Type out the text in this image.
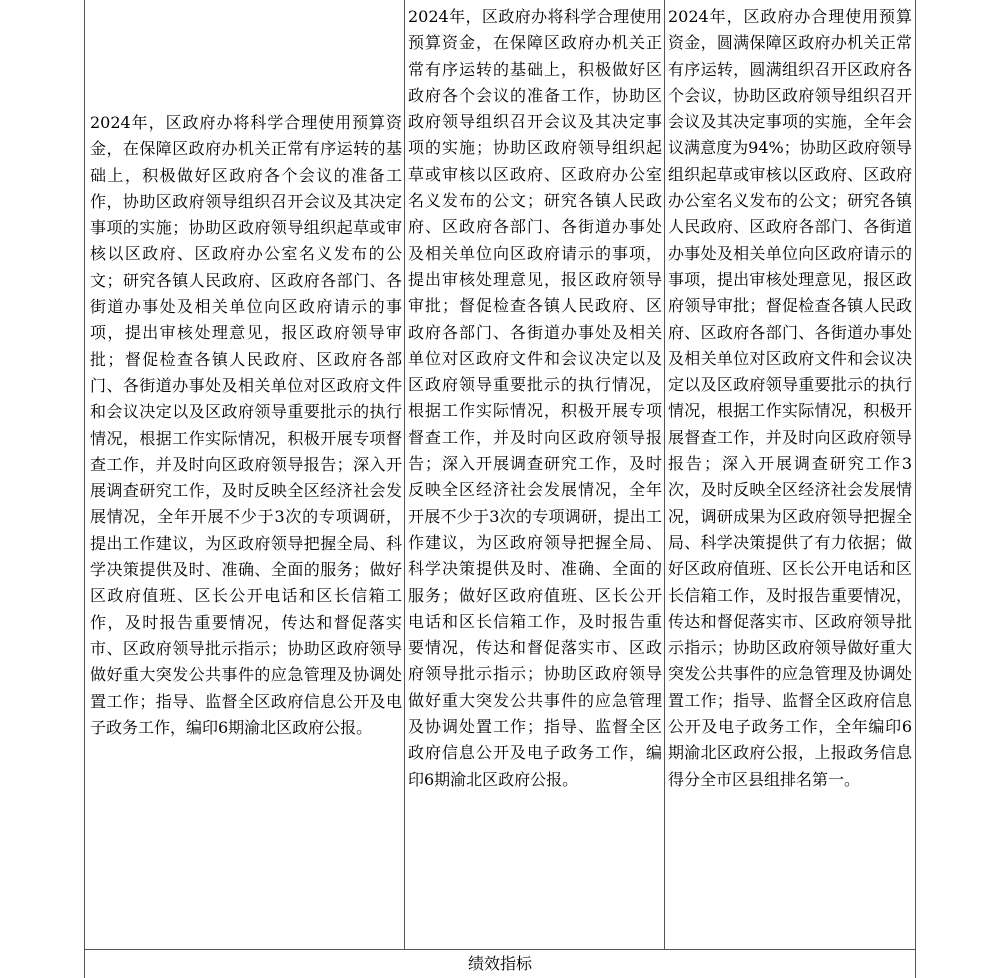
2024年，区政府办将科学合理使用预算资金，在保障区政府办机关正常有序运转的基础上，积极做好区政府各个会议的准备工作，协助区政府领导组织召开会议及其决定事项的实施；协助区政府领导组织起草或审核以区政府、区政府办公室名义发布的公文；研究各镇人民政府、区政府各部门、各街道办事处及相关单位向区政府请示的事项，提出审核处理意见，报区政府领导审批；督促检查各镇人民政府、区政府各部门、各街道办事处及相关单位对区政府文件和会议决定以及区政府领导重要批示的执行情况，根据工作实际情况，积极开展专项督查工作，并及时向区政府领导报告；深入开展调查研究工作，及时反映全区经济社会发展情况，全年开展不少于3次的专项调研，提出工作建议，为区政府领导把握全局、科学决策提供及时、准确、全面的服务；做好区政府值班、区长公开电话和区长信箱工作，及时报告重要情况，传达和督促落实市、区政府领导批示指示；协助区政府领导做好重大突发公共事件的应急管理及协调处置工作；指导、监督全区政府信息公开及电子政务工作，编印6期渝北区政府公报。
2024年，区政府办将科学合理使用预算资金，在保障区政府办机关正常有序运转的基础上，积极做好区政府各个会议的准备工作，协助区政府领导组织召开会议及其决定事项的实施；协助区政府领导组织起草或审核以区政府、区政府办公室名义发布的公文；研究各镇人民政府、区政府各部门、各街道办事处及相关单位向区政府请示的事项，提出审核处理意见，报区政府领导审批；督促检查各镇人民政府、区政府各部门、各街道办事处及相关单位对区政府文件和会议决定以及区政府领导重要批示的执行情况，根据工作实际情况，积极开展专项督查工作，并及时向区政府领导报告；深入开展调查研究工作，及时反映全区经济社会发展情况，全年开展不少于3次的专项调研，提出工作建议，为区政府领导把握全局、科学决策提供及时、准确、全面的服务；做好区政府值班、区长公开电话和区长信箱工作，及时报告重要情况，传达和督促落实市、区政府领导批示指示；协助区政府领导做好重大突发公共事件的应急管理及协调处置工作；指导、监督全区政府信息公开及电子政务工作，编印6期渝北区政府公报。
2024年，区政府办合理使用预算资金，圆满保障区政府办机关正常有序运转，圆满组织召开区政府各个会议，协助区政府领导组织召开会议及其决定事项的实施，全年会议满意度为94%；协助区政府领导组织起草或审核以区政府、区政府办公室名义发布的公文；研究各镇人民政府、区政府各部门、各街道办事处及相关单位向区政府请示的事项，提出审核处理意见，报区政府领导审批；督促检查各镇人民政府、区政府各部门、各街道办事处及相关单位对区政府文件和会议决定以及区政府领导重要批示的执行情况，根据工作实际情况，积极开展督查工作，并及时向区政府领导报告；深入开展调查研究工作3次，及时反映全区经济社会发展情况，调研成果为区政府领导把握全局、科学决策提供了有力依据；做好区政府值班、区长公开电话和区长信箱工作，及时报告重要情况，传达和督促落实市、区政府领导批示指示；协助区政府领导做好重大突发公共事件的应急管理及协调处置工作；指导、监督全区政府信息公开及电子政务工作，全年编印6期渝北区政府公报，上报政务信息得分全市区县组排名第一。
绩效指标
